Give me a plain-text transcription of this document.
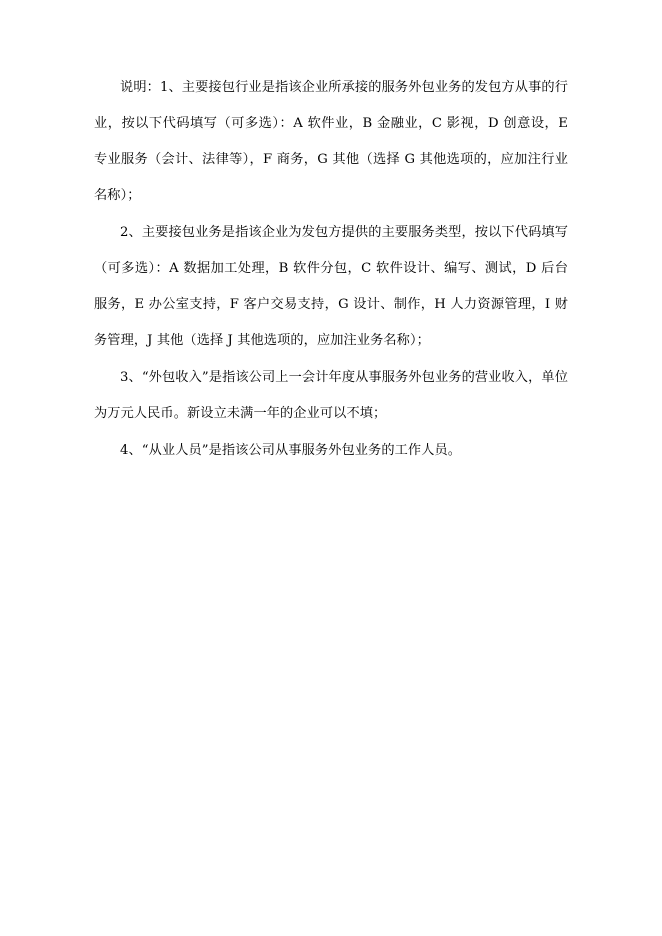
说明：1、主要接包行业是指该企业所承接的服务外包业务的发包方从事的行业，按以下代码填写（可多选）：A 软件业，B 金融业，C 影视，D 创意设，E 专业服务（会计、法律等），F 商务，G 其他（选择 G 其他选项的，应加注行业名称）；

2、主要接包业务是指该企业为发包方提供的主要服务类型，按以下代码填写（可多选）：A 数据加工处理，B 软件分包，C 软件设计、编写、测试，D 后台服务，E 办公室支持，F 客户交易支持，G 设计、制作，H 人力资源管理，I 财务管理，J 其他（选择 J 其他选项的，应加注业务名称）；

3、“外包收入”是指该公司上一会计年度从事服务外包业务的营业收入，单位为万元人民币。新设立未满一年的企业可以不填；

4、“从业人员”是指该公司从事服务外包业务的工作人员。
